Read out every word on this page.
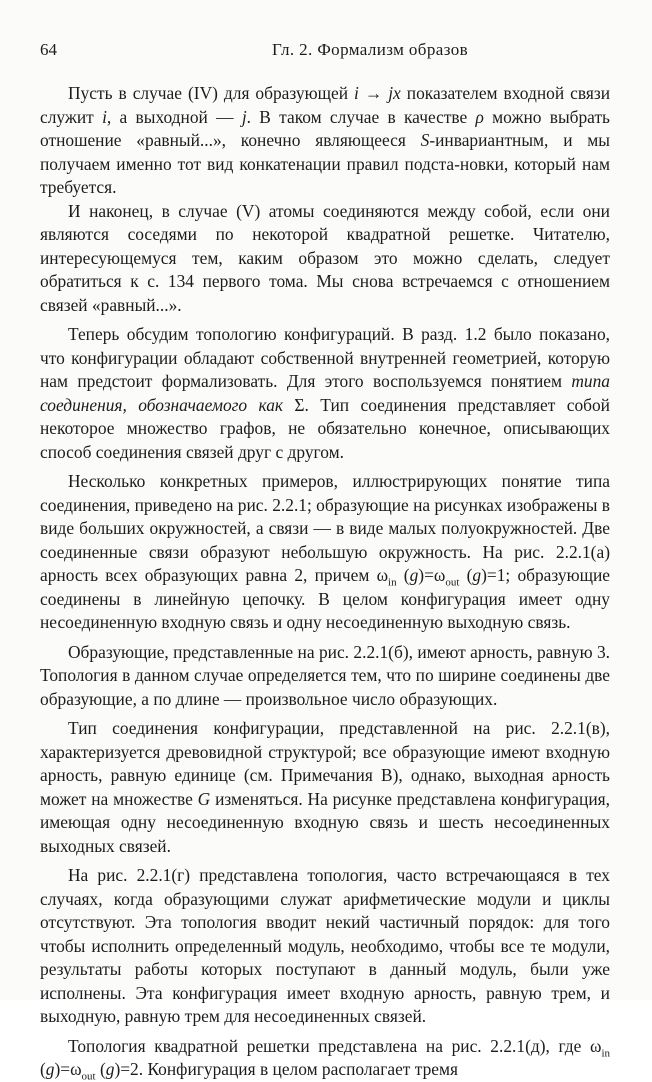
64	Гл. 2. Формализм образов

Пусть в случае (IV) для образующей i → jx показателем входной связи служит i, а выходной — j. В таком случае в качестве ρ можно выбрать отношение «равный...», конечно являющееся S-инвариантным, и мы получаем именно тот вид конкатенации правил подста-новки, который нам требуется.

И наконец, в случае (V) атомы соединяются между собой, если они являются соседями по некоторой квадратной решетке. Читателю, интересующемуся тем, каким образом это можно сделать, следует обратиться к с. 134 первого тома. Мы снова встречаемся с отношением связей «равный...».

Теперь обсудим топологию конфигураций. В разд. 1.2 было показано, что конфигурации обладают собственной внутренней геометрией, которую нам предстоит формализовать. Для этого воспользуемся понятием типа соединения, обозначаемого как Σ. Тип соединения представляет собой некоторое множество графов, не обязательно конечное, описывающих способ соединения связей друг с другом.

Несколько конкретных примеров, иллюстрирующих понятие типа соединения, приведено на рис. 2.2.1; образующие на рисунках изображены в виде больших окружностей, а связи — в виде малых полуокружностей. Две соединенные связи образуют небольшую окружность. На рис. 2.2.1(а) арность всех образующих равна 2, причем $\omega_{in}$ $(g)=\omega_{out}$ (g)=1; образующие соединены в линейную цепочку. В целом конфигурация имеет одну несоединенную входную связь и одну несоединенную выходную связь.

Образующие, представленные на рис. 2.2.1(б), имеют арность, равную 3. Топология в данном случае определяется тем, что по ширине соединены две образующие, а по длине — произвольное число образующих.

Тип соединения конфигурации, представленной на рис. 2.2.1(в), характеризуется древовидной структурой; все образующие имеют входную арность, равную единице (см. Примечания В), однако, выходная арность может на множестве G изменяться. На рисунке представлена конфигурация, имеющая одну несоединенную входную связь и шесть несоединенных выходных связей.

На рис. 2.2.1(г) представлена топология, часто встречающаяся в тех случаях, когда образующими служат арифметические модули и циклы отсутствуют. Эта топология вводит некий частичный порядок: для того чтобы исполнить определенный модуль, необходимо, чтобы все те модули, результаты работы которых поступают в данный модуль, были уже исполнены. Эта конфигурация имеет входную арность, равную трем, и выходную, равную трем для несоединенных связей.

Топология квадратной решетки представлена на рис. 2.2.1(д), где $\omega_{in}$ $(g)=\omega_{out}$ (g)=2. Конфигурация в целом располагает тремя
